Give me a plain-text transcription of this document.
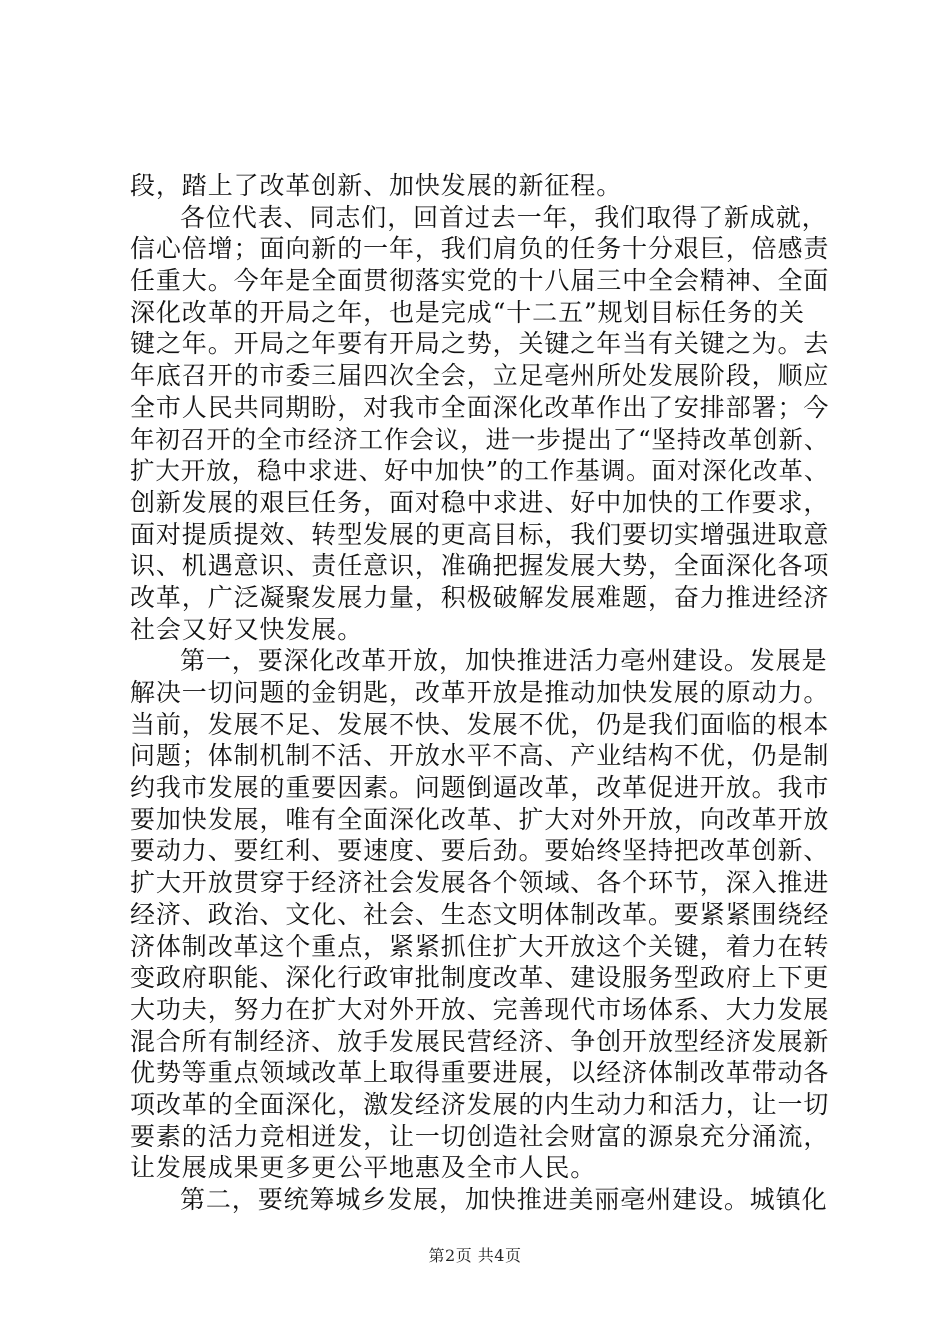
段，踏上了改革创新、加快发展的新征程。
各位代表、同志们，回首过去一年，我们取得了新成就，
信心倍增；面向新的一年，我们肩负的任务十分艰巨，倍感责
任重大。今年是全面贯彻落实党的十八届三中全会精神、全面
深化改革的开局之年，也是完成“十二五”规划目标任务的关
键之年。开局之年要有开局之势，关键之年当有关键之为。去
年底召开的市委三届四次全会，立足亳州所处发展阶段，顺应
全市人民共同期盼，对我市全面深化改革作出了安排部署；今
年初召开的全市经济工作会议，进一步提出了“坚持改革创新、
扩大开放，稳中求进、好中加快”的工作基调。面对深化改革、
创新发展的艰巨任务，面对稳中求进、好中加快的工作要求，
面对提质提效、转型发展的更高目标，我们要切实增强进取意
识、机遇意识、责任意识，准确把握发展大势，全面深化各项
改革，广泛凝聚发展力量，积极破解发展难题，奋力推进经济
社会又好又快发展。
第一，要深化改革开放，加快推进活力亳州建设。发展是
解决一切问题的金钥匙，改革开放是推动加快发展的原动力。
当前，发展不足、发展不快、发展不优，仍是我们面临的根本
问题；体制机制不活、开放水平不高、产业结构不优，仍是制
约我市发展的重要因素。问题倒逼改革，改革促进开放。我市
要加快发展，唯有全面深化改革、扩大对外开放，向改革开放
要动力、要红利、要速度、要后劲。要始终坚持把改革创新、
扩大开放贯穿于经济社会发展各个领域、各个环节，深入推进
经济、政治、文化、社会、生态文明体制改革。要紧紧围绕经
济体制改革这个重点，紧紧抓住扩大开放这个关键，着力在转
变政府职能、深化行政审批制度改革、建设服务型政府上下更
大功夫，努力在扩大对外开放、完善现代市场体系、大力发展
混合所有制经济、放手发展民营经济、争创开放型经济发展新
优势等重点领域改革上取得重要进展，以经济体制改革带动各
项改革的全面深化，激发经济发展的内生动力和活力，让一切
要素的活力竞相迸发，让一切创造社会财富的源泉充分涌流，
让发展成果更多更公平地惠及全市人民。
第二，要统筹城乡发展，加快推进美丽亳州建设。城镇化
第2页 共4页
